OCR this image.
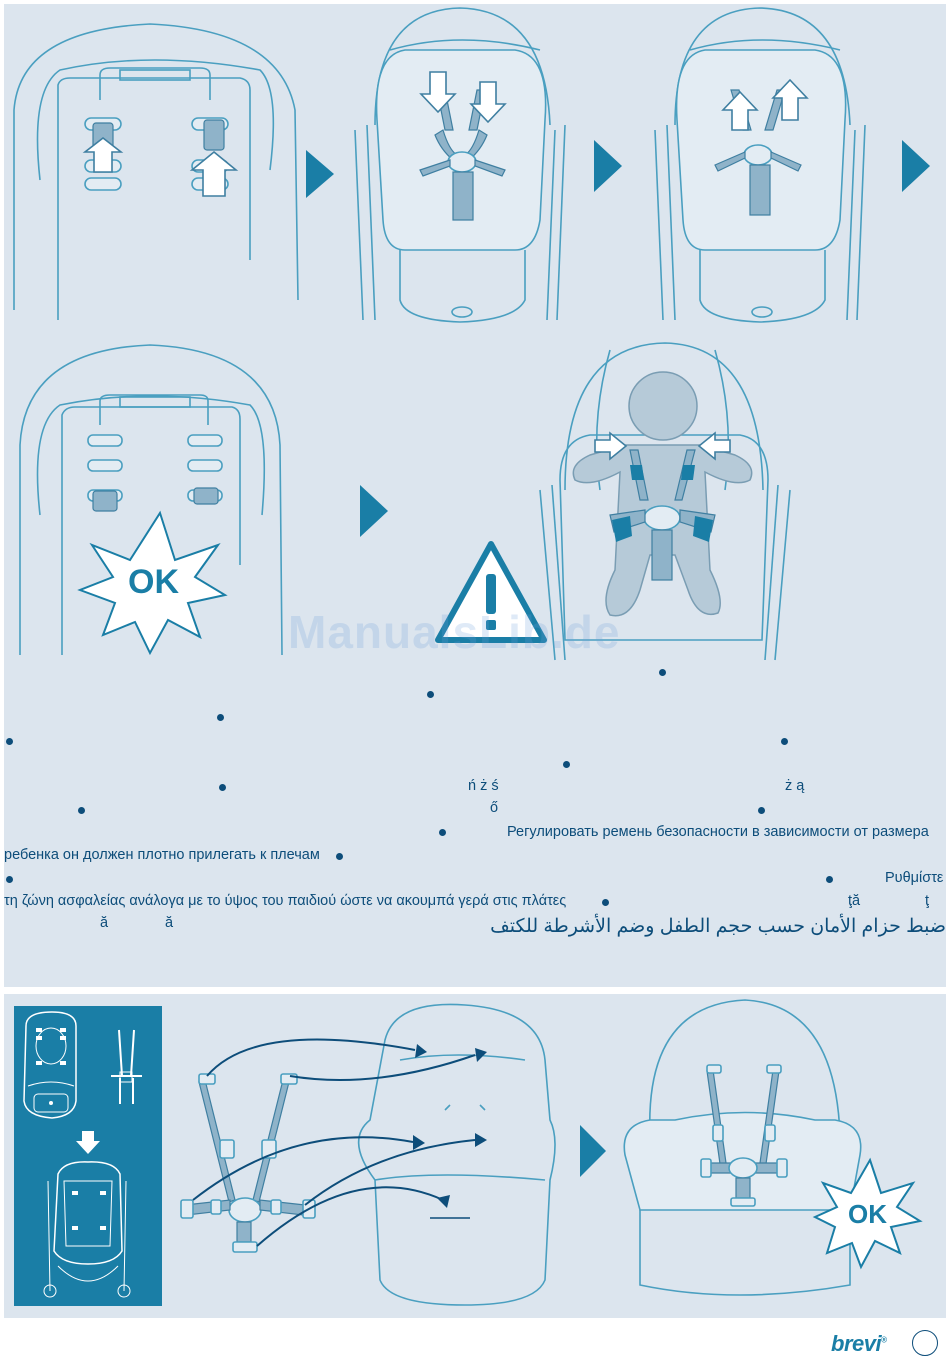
OK
ManualsLib.de
ń ż ś	ż ą
ő
Регулировать ремень безопасности в зависимости от размера
ребенка он должен плотно прилегать к плечам
Ρυθμίστε
τη ζώνη ασφαλείας ανάλογα με το ύψος του παιδιού ώστε να ακουμπά γερά στις πλάτες	ţă	ţ
ă	ă	ضبط حزام الأمان حسب حجم الطفل وضم الأشرطة للكتف
OK
brevi®
